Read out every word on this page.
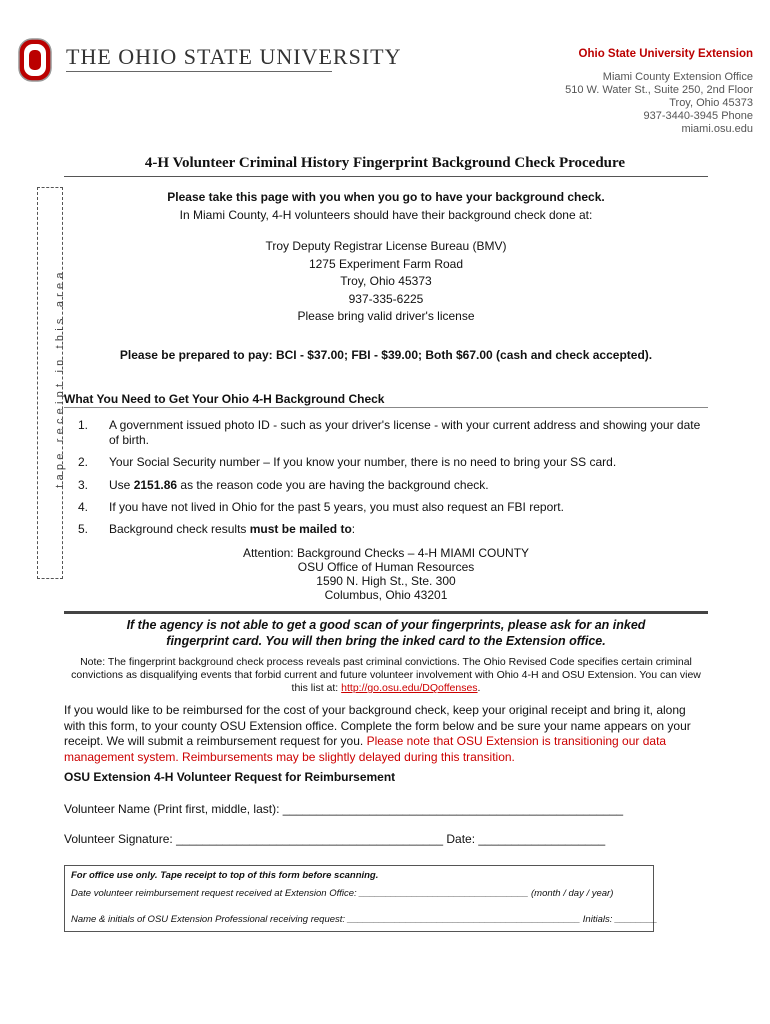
THE OHIO STATE UNIVERSITY	Ohio State University Extension
Miami County Extension Office
510 W. Water St., Suite 250, 2nd Floor
Troy, Ohio 45373
937-3440-3945 Phone
miami.osu.edu
4-H Volunteer Criminal History Fingerprint Background Check Procedure
tape receipt in this area
Please take this page with you when you go to have your background check.
In Miami County, 4-H volunteers should have their background check done at:
Troy Deputy Registrar License Bureau (BMV)
1275 Experiment Farm Road
Troy, Ohio 45373
937-335-6225
Please bring valid driver's license
Please be prepared to pay: BCI - $37.00; FBI - $39.00; Both $67.00 (cash and check accepted).
What You Need to Get Your Ohio 4-H Background Check
1. A government issued photo ID - such as your driver's license - with your current address and showing your date of birth.
2. Your Social Security number – If you know your number, there is no need to bring your SS card.
3. Use 2151.86 as the reason code you are having the background check.
4. If you have not lived in Ohio for the past 5 years, you must also request an FBI report.
5. Background check results must be mailed to:
Attention: Background Checks – 4-H MIAMI COUNTY
OSU Office of Human Resources
1590 N. High St., Ste. 300
Columbus, Ohio 43201
If the agency is not able to get a good scan of your fingerprints, please ask for an inked
fingerprint card. You will then bring the inked card to the Extension office.
Note: The fingerprint background check process reveals past criminal convictions. The Ohio Revised Code specifies certain criminal convictions as disqualifying events that forbid current and future volunteer involvement with Ohio 4-H and OSU Extension. You can view this list at: http://go.osu.edu/DQoffenses.
If you would like to be reimbursed for the cost of your background check, keep your original receipt and bring it, along with this form, to your county OSU Extension office. Complete the form below and be sure your name appears on your receipt. We will submit a reimbursement request for you. Please note that OSU Extension is transitioning our data management system. Reimbursements may be slightly delayed during this transition.
OSU Extension 4-H Volunteer Request for Reimbursement
Volunteer Name (Print first, middle, last): ___________________________________________________
Volunteer Signature: ________________________________________ Date: ___________________
For office use only. Tape receipt to top of this form before scanning.
Date volunteer reimbursement request received at Extension Office: ________________________________ (month / day / year)
Name & initials of OSU Extension Professional receiving request: ____________________________________________ Initials: ________
